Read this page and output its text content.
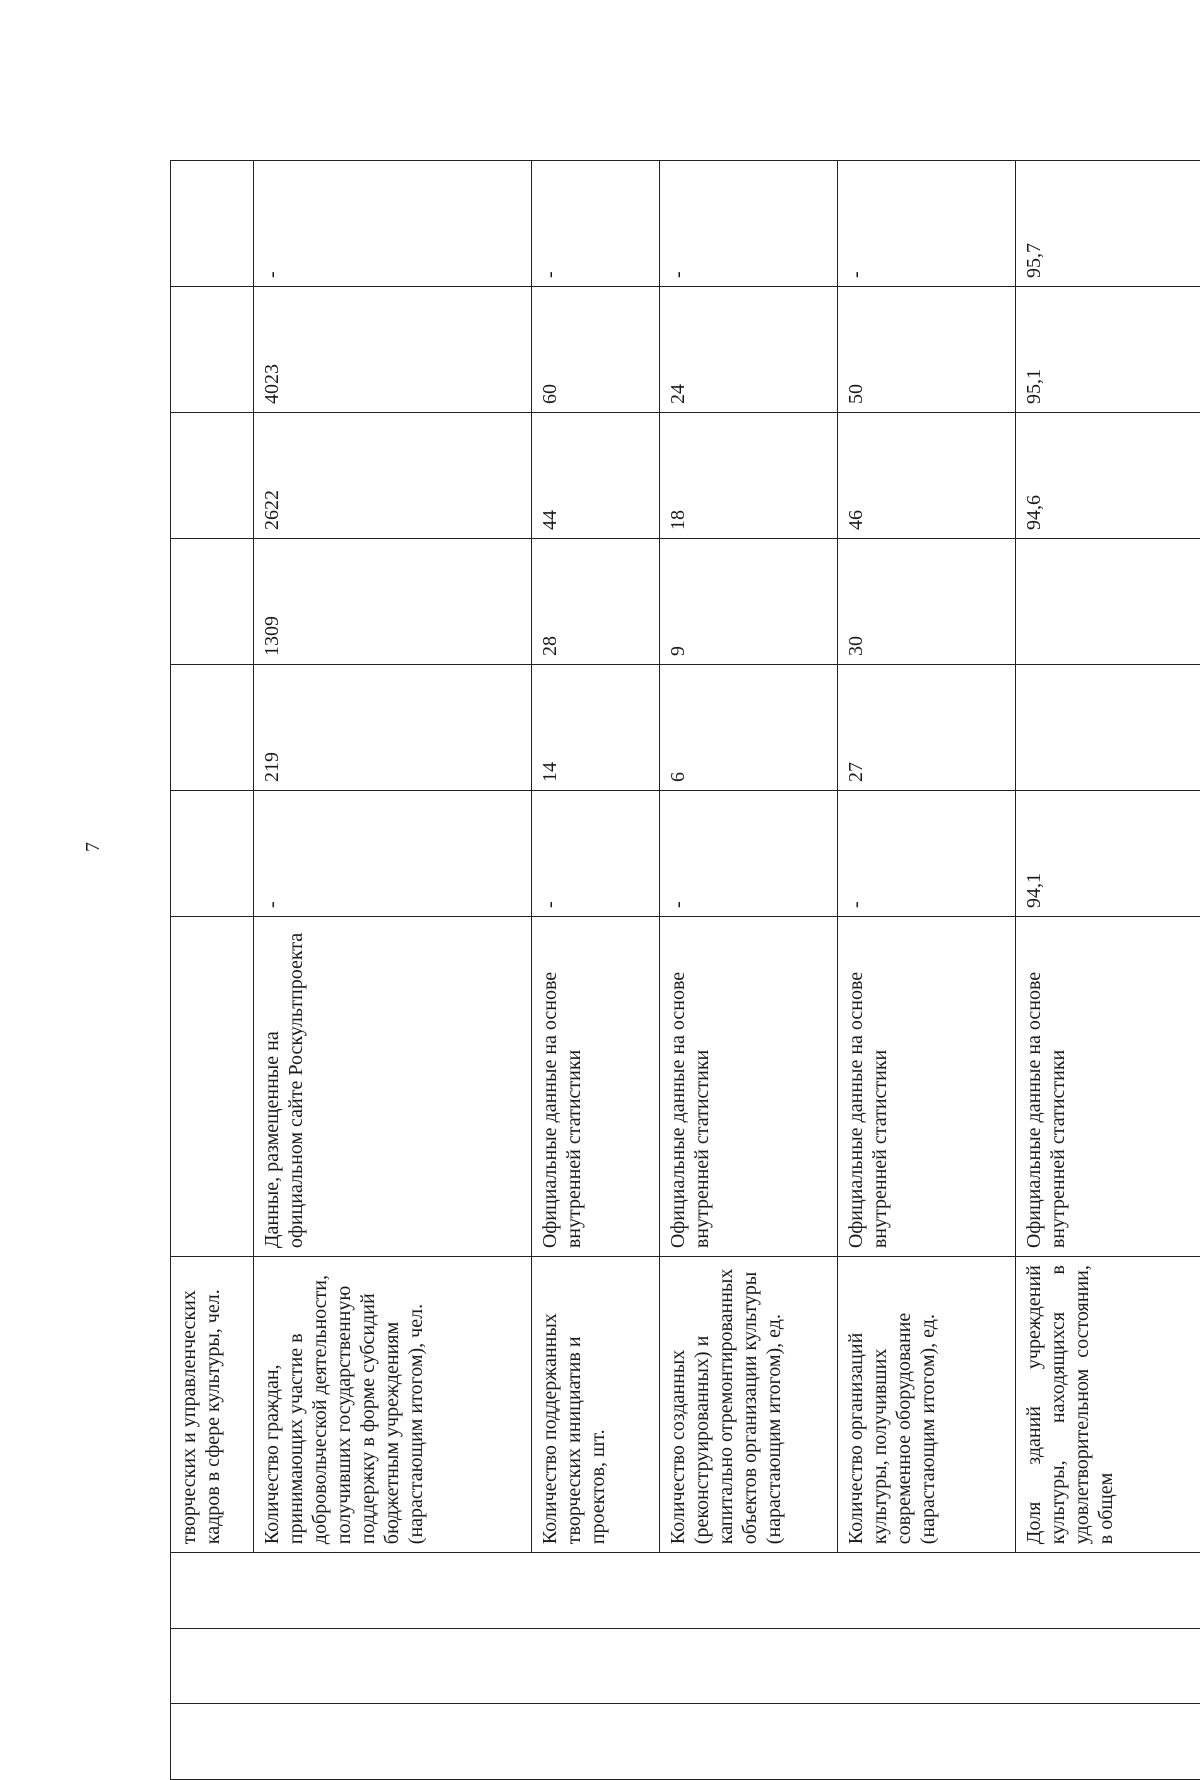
7
			творческих и управленческих кадров в сфере культуры, чел.							
			Количество граждан, принимающих участие в добровольческой деятельности, получивших государственную поддержку в форме субсидий бюджетным учреждениям (нарастающим итогом), чел.	Данные, размещенные на официальном сайте Роскультпроекта	-	219	1309	2622	4023	-
			Количество поддержанных творческих инициатив и проектов, шт.	Официальные данные на основе внутренней статистики	-	14	28	44	60	-
			Количество созданных (реконструированных) и капитально отремонтированных объектов организации культуры (нарастающим итогом), ед.	Официальные данные на основе внутренней статистики	-	6	9	18	24	-
			Количество организаций культуры, получивших современное оборудование (нарастающим итогом), ед.	Официальные данные на основе внутренней статистики	-	27	30	46	50	-
			Доля зданий учреждений культуры, находящихся в удовлетворительном состоянии, в общем	Официальные данные на основе внутренней статистики	94,1			94,6	95,1	95,7
